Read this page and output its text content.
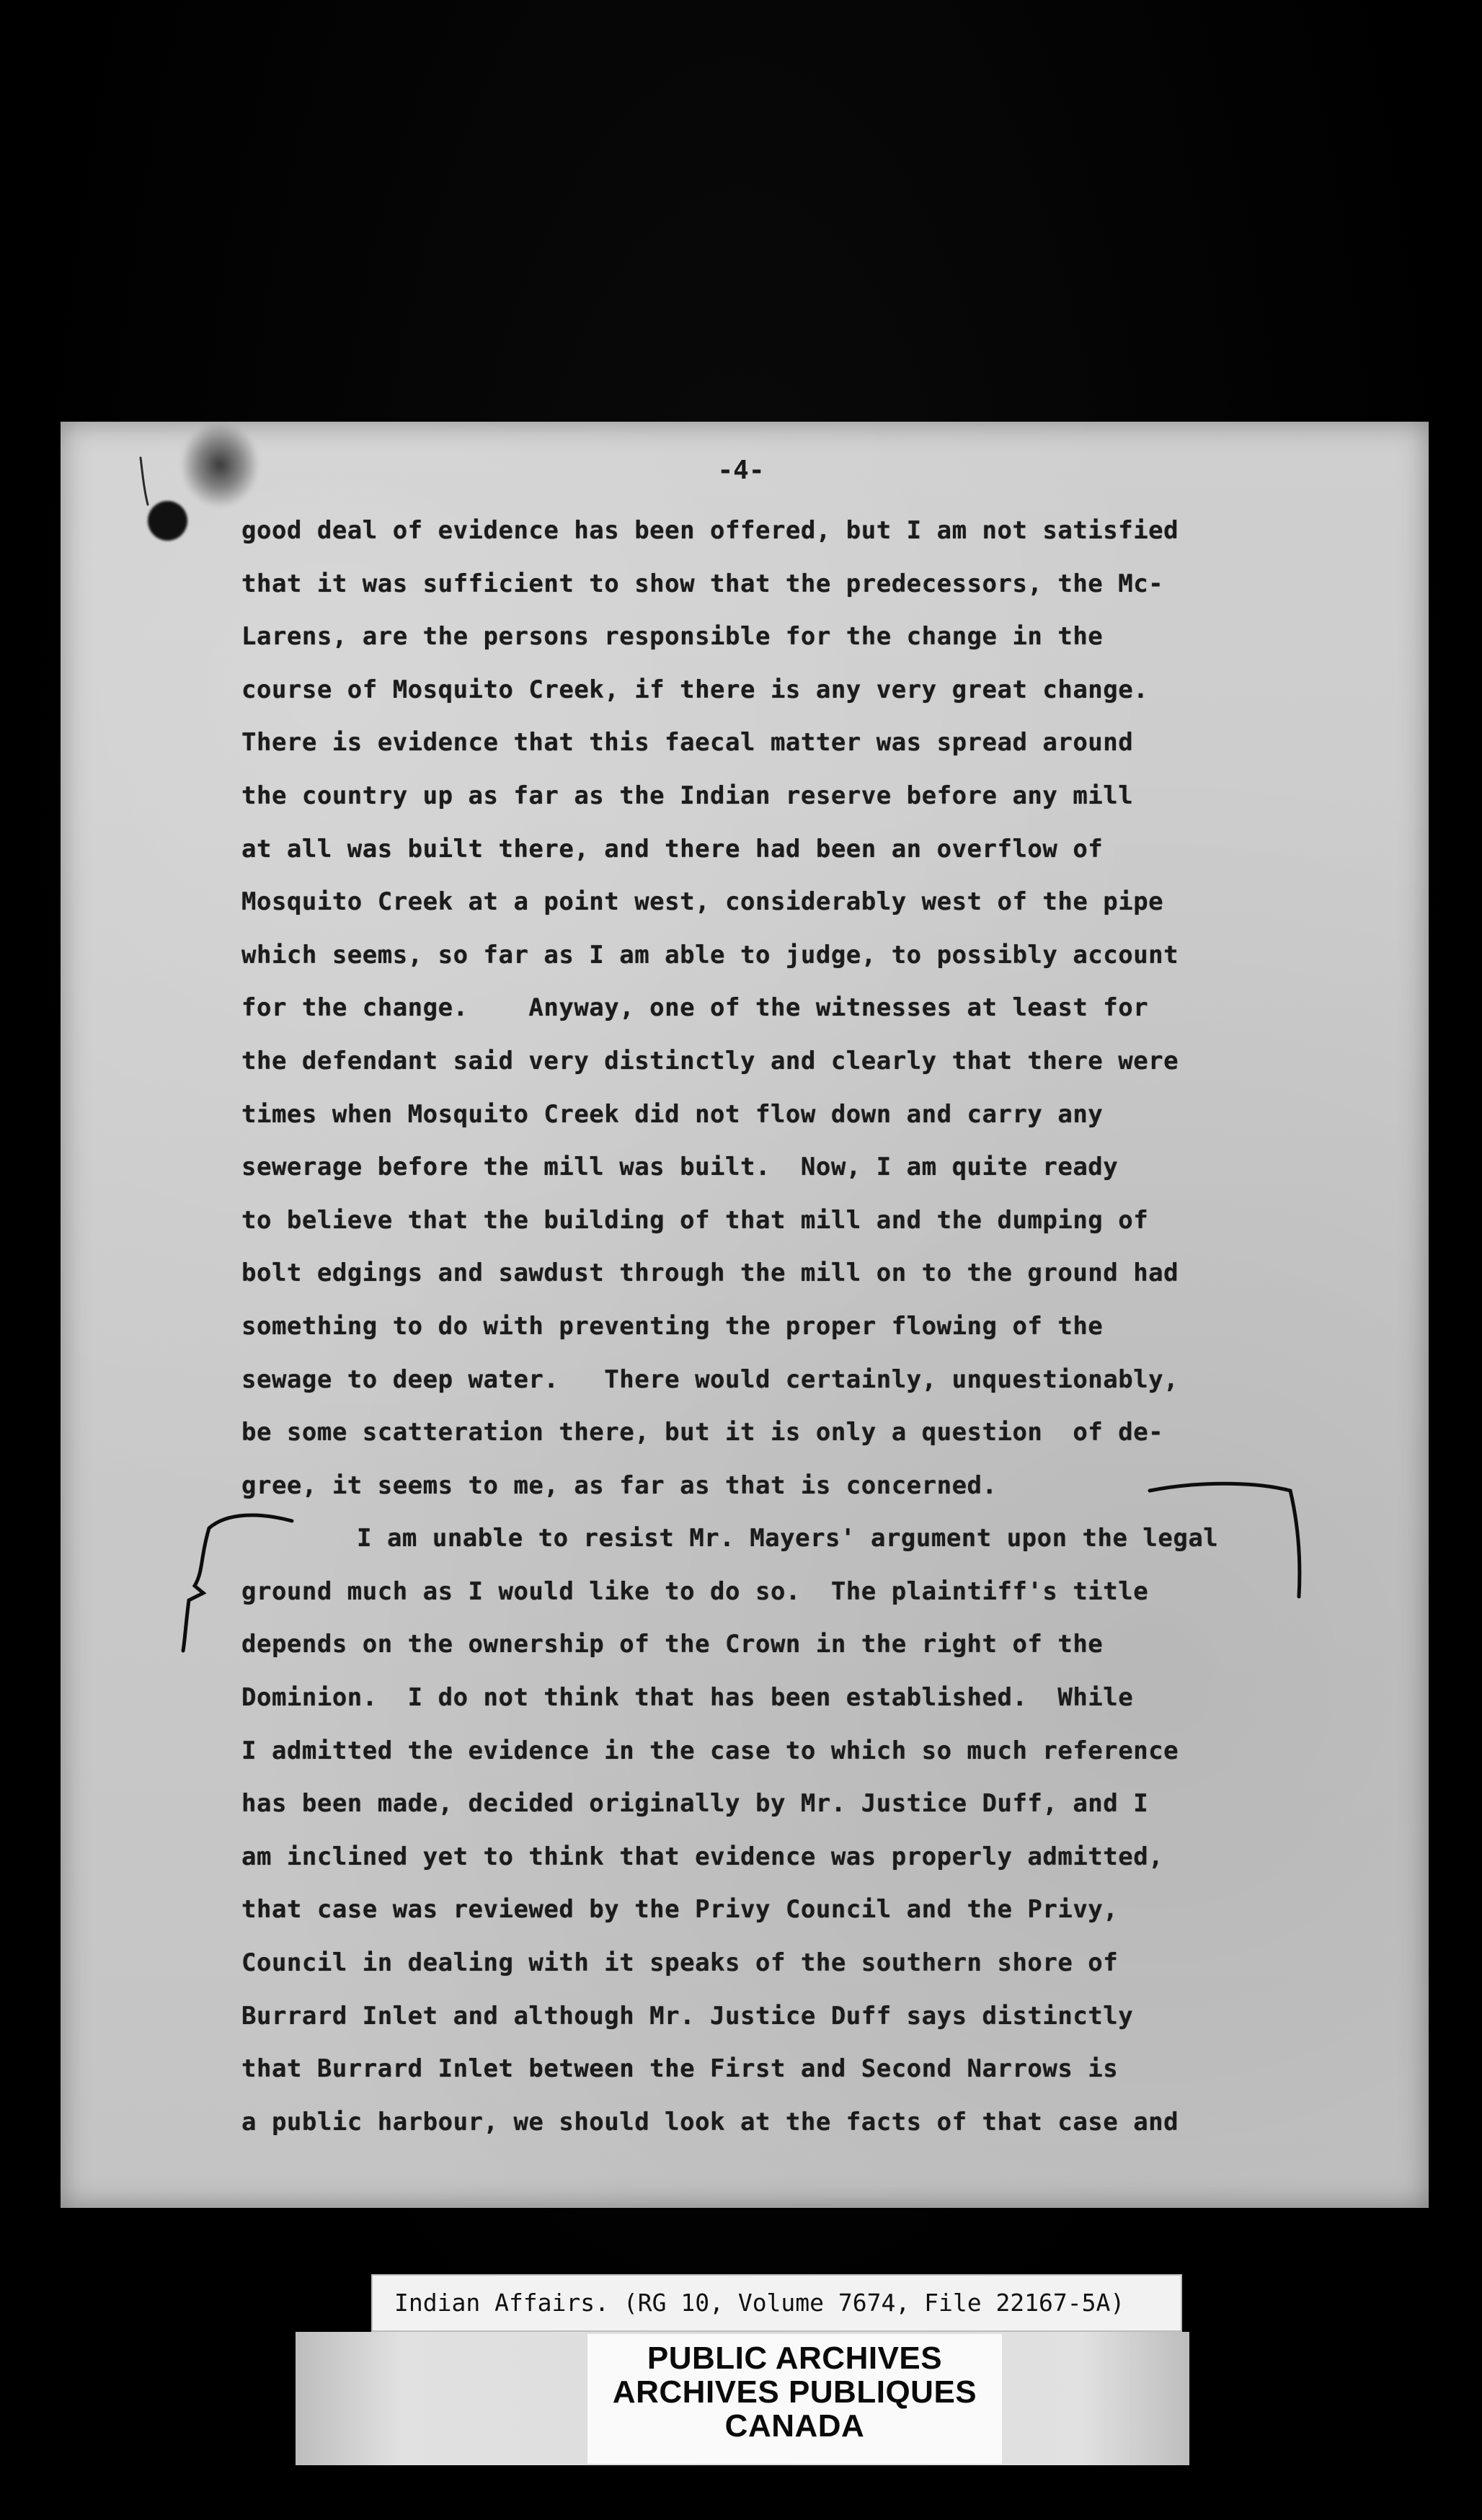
-4-
good deal of evidence has been offered, but I am not satisfied
that it was sufficient to show that the predecessors, the Mc-
Larens, are the persons responsible for the change in the
course of Mosquito Creek, if there is any very great change.
There is evidence that this faecal matter was spread around
the country up as far as the Indian reserve before any mill
at all was built there, and there had been an overflow of
Mosquito Creek at a point west, considerably west of the pipe
which seems, so far as I am able to judge, to possibly account
for the change.    Anyway, one of the witnesses at least for
the defendant said very distinctly and clearly that there were
times when Mosquito Creek did not flow down and carry any
sewerage before the mill was built.  Now, I am quite ready
to believe that the building of that mill and the dumping of
bolt edgings and sawdust through the mill on to the ground had
something to do with preventing the proper flowing of the
sewage to deep water.   There would certainly, unquestionably,
be some scatteration there, but it is only a question  of de-
gree, it seems to me, as far as that is concerned.
I am unable to resist Mr. Mayers' argument upon the legal
ground much as I would like to do so.  The plaintiff's title
depends on the ownership of the Crown in the right of the
Dominion.  I do not think that has been established.  While
I admitted the evidence in the case to which so much reference
has been made, decided originally by Mr. Justice Duff, and I
am inclined yet to think that evidence was properly admitted,
that case was reviewed by the Privy Council and the Privy,
Council in dealing with it speaks of the southern shore of
Burrard Inlet and although Mr. Justice Duff says distinctly
that Burrard Inlet between the First and Second Narrows is
a public harbour, we should look at the facts of that case and
Indian Affairs. (RG 10, Volume 7674, File 22167-5A)
PUBLIC ARCHIVES
ARCHIVES PUBLIQUES
CANADA
